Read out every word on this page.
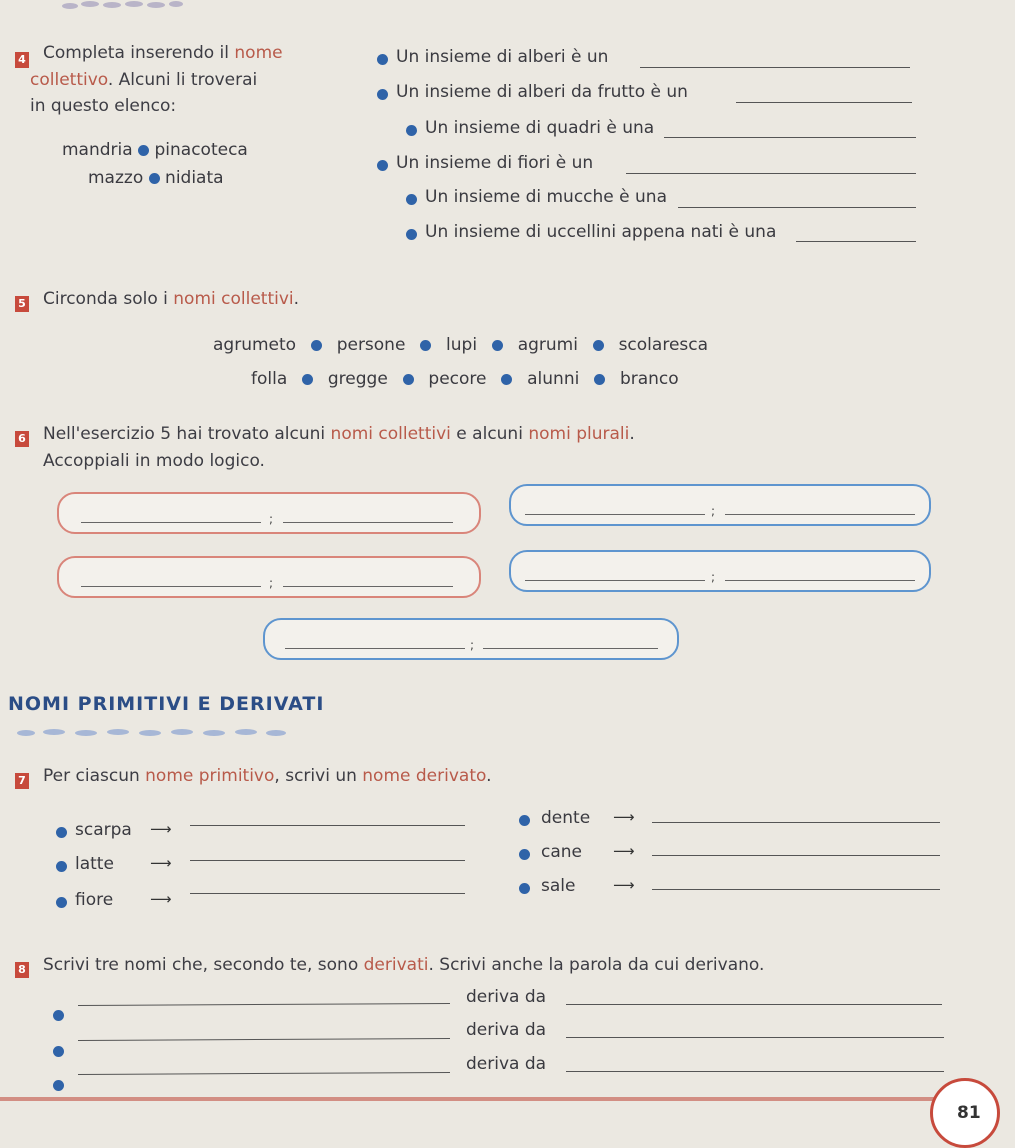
4 Completa inserendo il nome
collettivo. Alcuni li troverai
in questo elenco:
mandria pinacoteca
mazzo nidiata
Un insieme di alberi è un
Un insieme di alberi da frutto è un
Un insieme di quadri è una
Un insieme di fiori è un
Un insieme di mucche è una
Un insieme di uccellini appena nati è una
5 Circonda solo i nomi collettivi.
agrumeto persone lupi agrumi scolaresca
folla gregge pecore alunni branco
6 Nell'esercizio 5 hai trovato alcuni nomi collettivi e alcuni nomi plurali.
Accoppiali in modo logico.
;
;
;	;
;
NOMI PRIMITIVI E DERIVATI
7 Per ciascun nome primitivo, scrivi un nome derivato.
scarpa ⟶
latte ⟶
fiore ⟶
dente ⟶
cane ⟶
sale	⟶
8 Scrivi tre nomi che, secondo te, sono derivati. Scrivi anche la parola da cui derivano.
deriva da
deriva da
deriva da
81
